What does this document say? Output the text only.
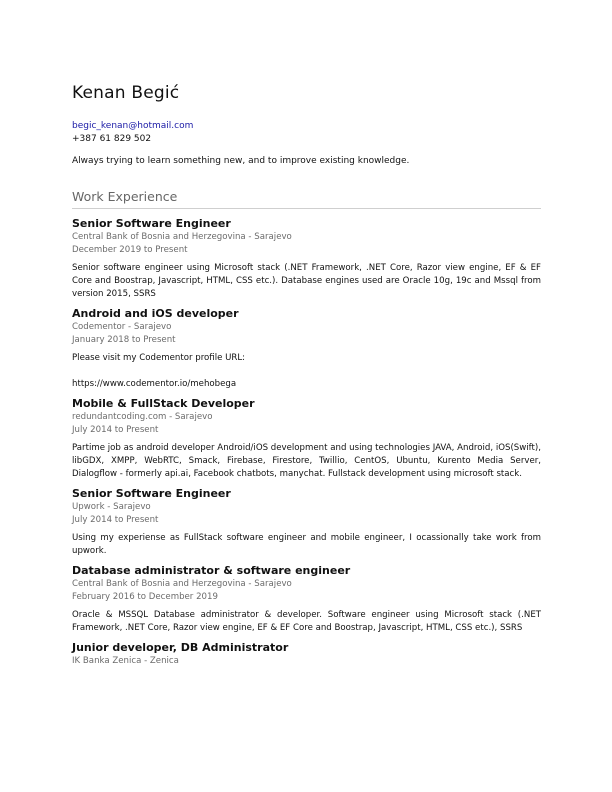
Kenan Begić
begic_kenan@hotmail.com
+387 61 829 502
Always trying to learn something new, and to improve existing knowledge.
Work Experience
Senior Software Engineer
Central Bank of Bosnia and Herzegovina - Sarajevo
December 2019 to Present
Senior software engineer using Microsoft stack (.NET Framework, .NET Core, Razor view engine, EF & EF Core and Boostrap, Javascript, HTML, CSS etc.). Database engines used are Oracle 10g, 19c and Mssql from version 2015, SSRS
Android and iOS developer
Codementor - Sarajevo
January 2018 to Present
Please visit my Codementor profile URL:
https://www.codementor.io/mehobega
Mobile & FullStack Developer
redundantcoding.com - Sarajevo
July 2014 to Present
Partime job as android developer Android/iOS development and using technologies JAVA, Android, iOS(Swift), libGDX, XMPP, WebRTC, Smack, Firebase, Firestore, Twillio, CentOS, Ubuntu, Kurento Media Server, Dialogflow - formerly api.ai, Facebook chatbots, manychat. Fullstack development using microsoft stack.
Senior Software Engineer
Upwork - Sarajevo
July 2014 to Present
Using my experiense as FullStack software engineer and mobile engineer, I ocassionally take work from upwork.
Database administrator & software engineer
Central Bank of Bosnia and Herzegovina - Sarajevo
February 2016 to December 2019
Oracle & MSSQL Database administrator & developer. Software engineer using Microsoft stack (.NET Framework, .NET Core, Razor view engine, EF & EF Core and Boostrap, Javascript, HTML, CSS etc.), SSRS
Junior developer, DB Administrator
IK Banka Zenica - Zenica
